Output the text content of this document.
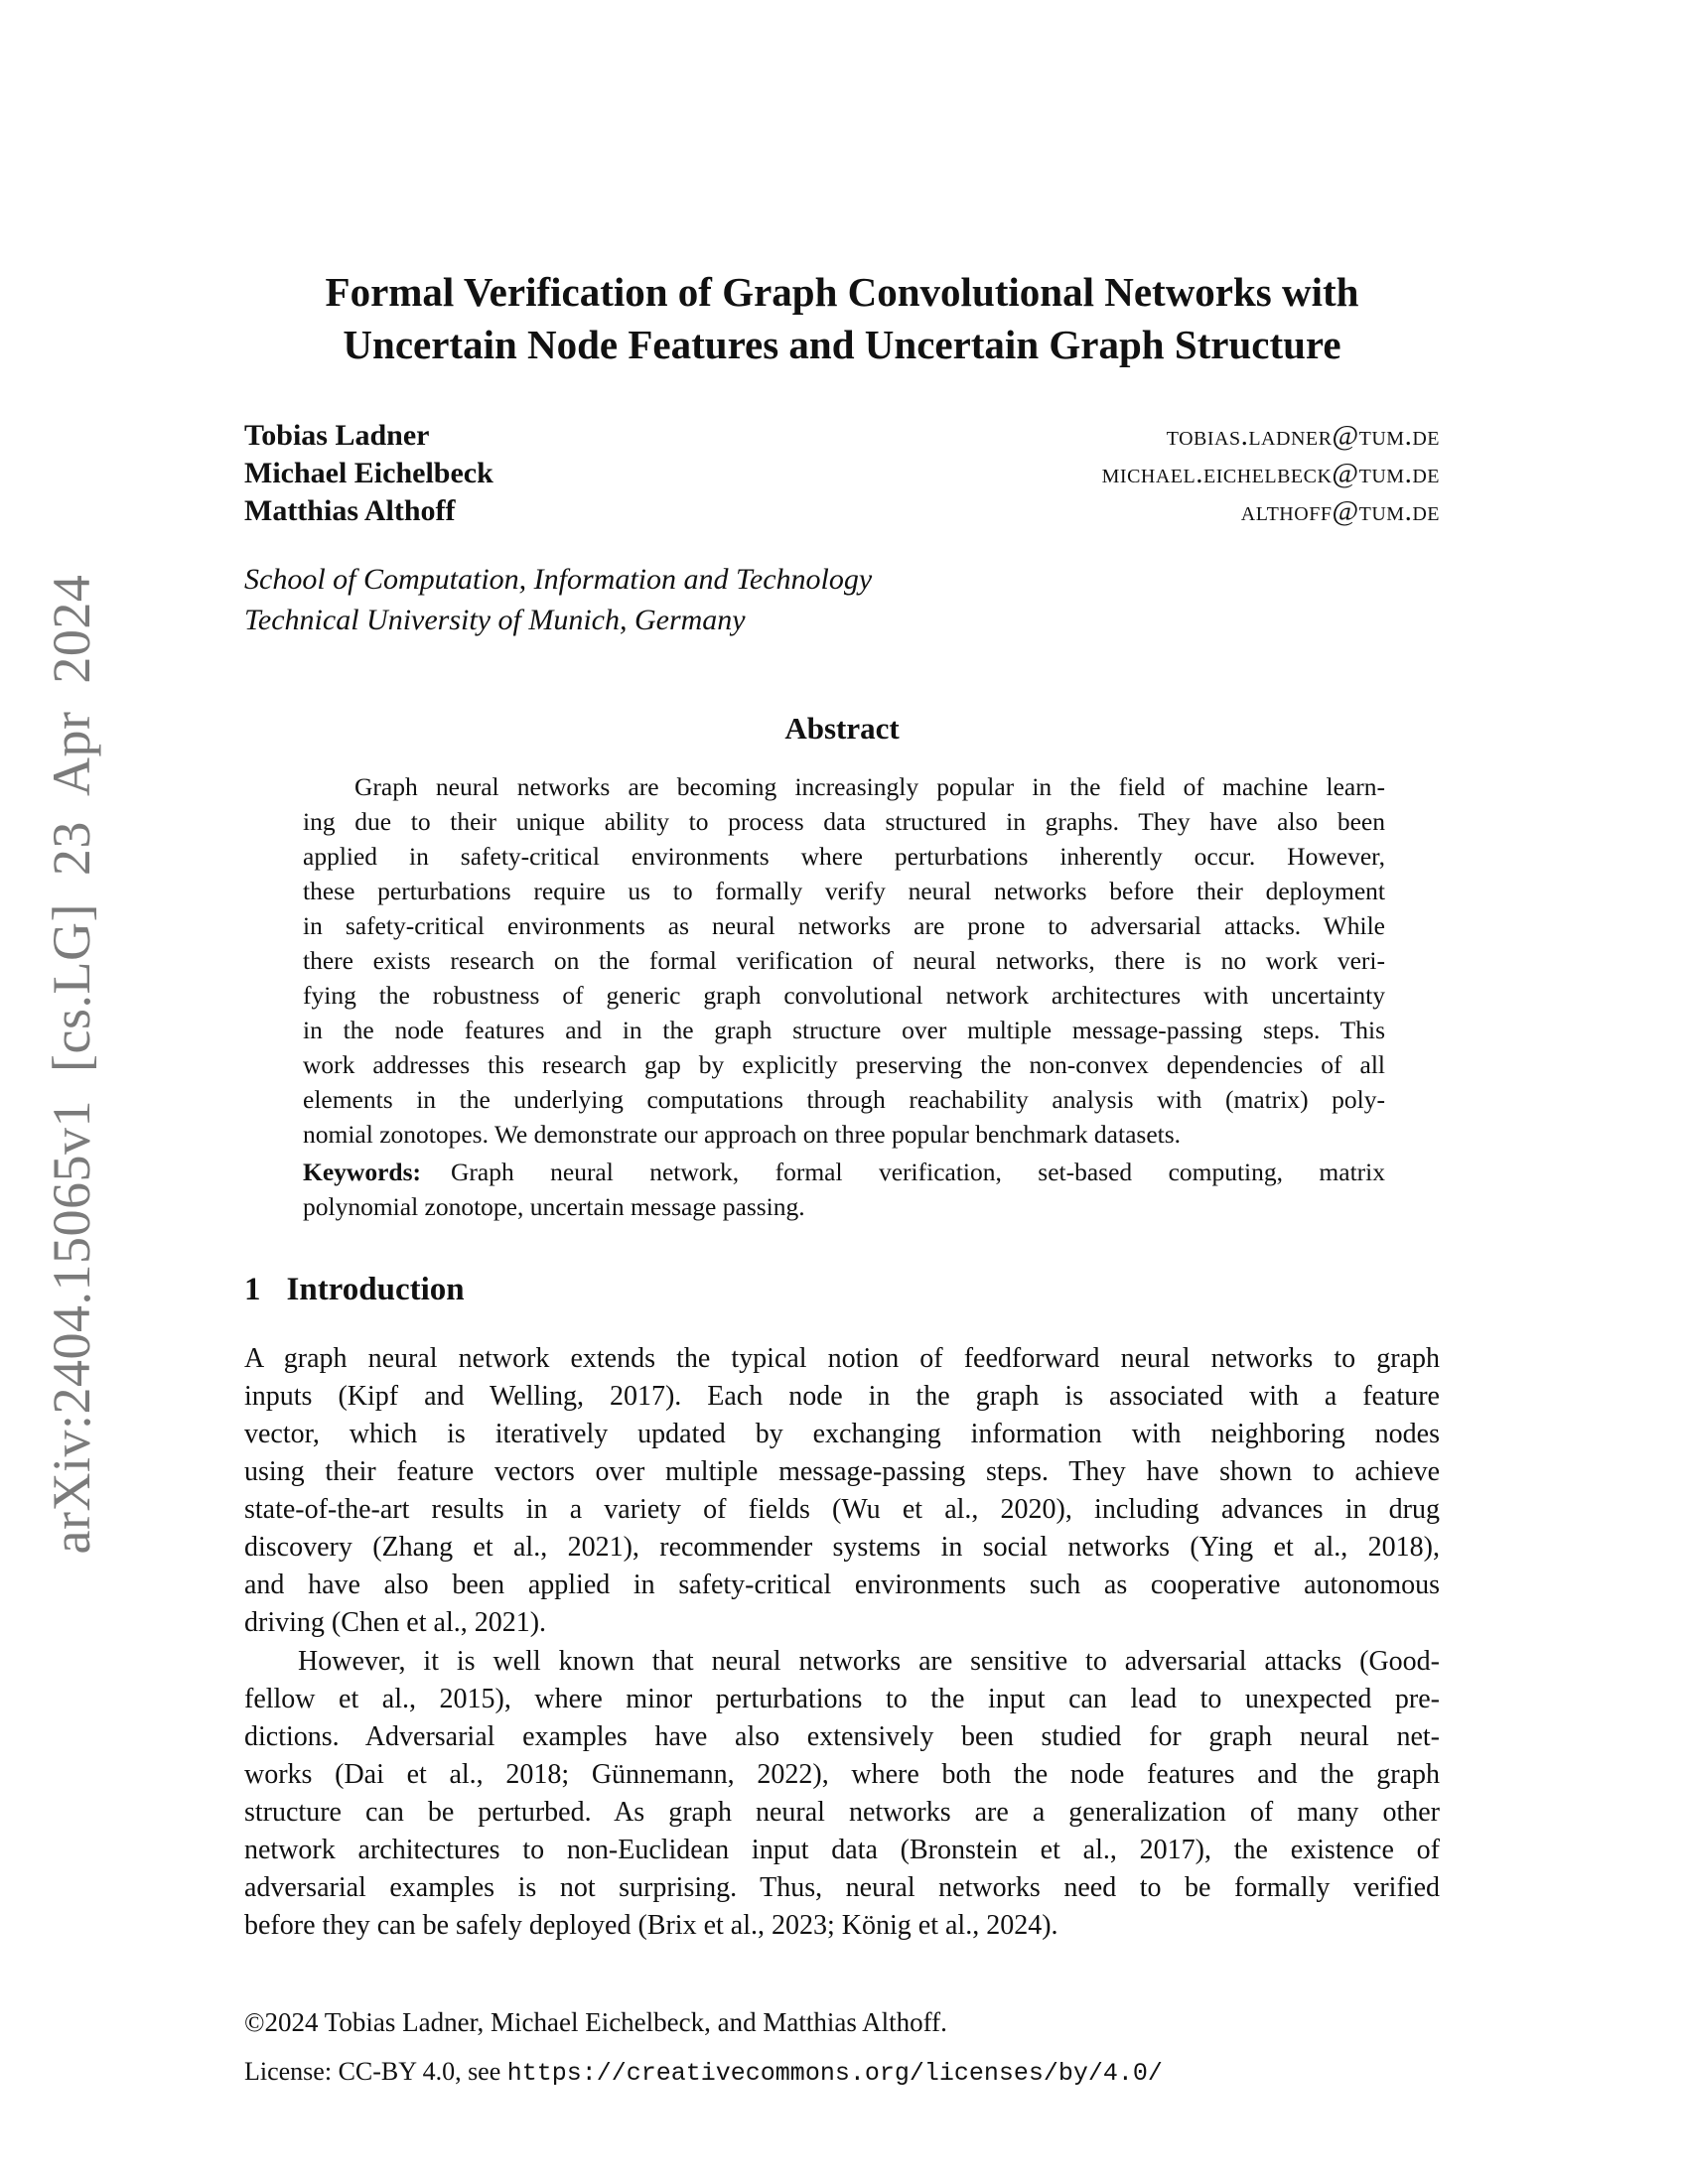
arXiv:2404.15065v1 [cs.LG] 23 Apr 2024
Formal Verification of Graph Convolutional Networks with
Uncertain Node Features and Uncertain Graph Structure
Tobias Ladner	tobias.ladner@tum.de
Michael Eichelbeck	michael.eichelbeck@tum.de
Matthias Althoff	althoff@tum.de
School of Computation, Information and Technology
Technical University of Munich, Germany
Abstract
Graph neural networks are becoming increasingly popular in the field of machine learn-
ing due to their unique ability to process data structured in graphs. They have also been
applied in safety-critical environments where perturbations inherently occur. However,
these perturbations require us to formally verify neural networks before their deployment
in safety-critical environments as neural networks are prone to adversarial attacks. While
there exists research on the formal verification of neural networks, there is no work veri-
fying the robustness of generic graph convolutional network architectures with uncertainty
in the node features and in the graph structure over multiple message-passing steps. This
work addresses this research gap by explicitly preserving the non-convex dependencies of all
elements in the underlying computations through reachability analysis with (matrix) poly-
nomial zonotopes. We demonstrate our approach on three popular benchmark datasets.
Keywords: Graph neural network, formal verification, set-based computing, matrix
polynomial zonotope, uncertain message passing.
1 Introduction
A graph neural network extends the typical notion of feedforward neural networks to graph
inputs (Kipf and Welling, 2017). Each node in the graph is associated with a feature
vector, which is iteratively updated by exchanging information with neighboring nodes
using their feature vectors over multiple message-passing steps. They have shown to achieve
state-of-the-art results in a variety of fields (Wu et al., 2020), including advances in drug
discovery (Zhang et al., 2021), recommender systems in social networks (Ying et al., 2018),
and have also been applied in safety-critical environments such as cooperative autonomous
driving (Chen et al., 2021).
However, it is well known that neural networks are sensitive to adversarial attacks (Good-
fellow et al., 2015), where minor perturbations to the input can lead to unexpected pre-
dictions. Adversarial examples have also extensively been studied for graph neural net-
works (Dai et al., 2018; Günnemann, 2022), where both the node features and the graph
structure can be perturbed. As graph neural networks are a generalization of many other
network architectures to non-Euclidean input data (Bronstein et al., 2017), the existence of
adversarial examples is not surprising. Thus, neural networks need to be formally verified
before they can be safely deployed (Brix et al., 2023; König et al., 2024).
©2024 Tobias Ladner, Michael Eichelbeck, and Matthias Althoff.
License: CC-BY 4.0, see https://creativecommons.org/licenses/by/4.0/
